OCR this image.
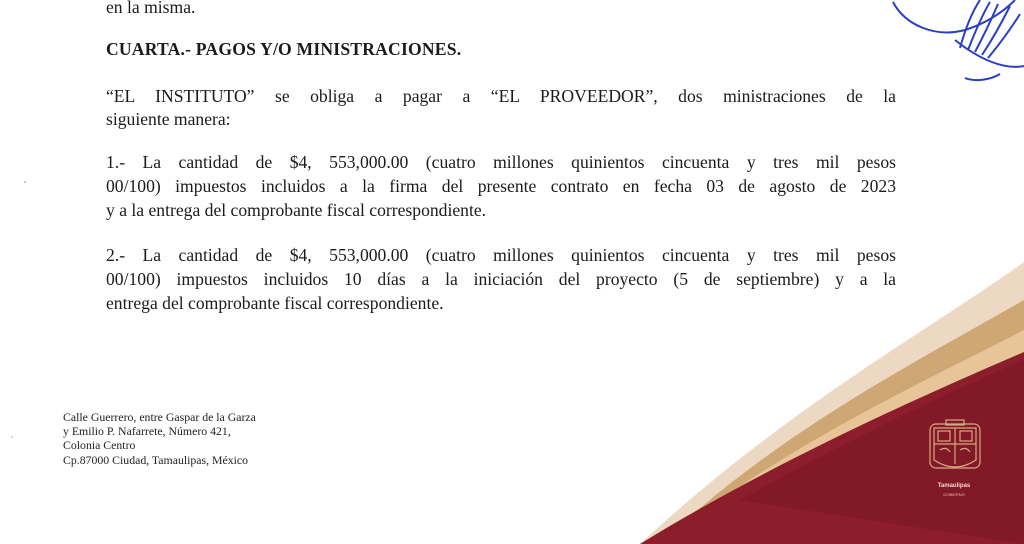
en la misma.
CUARTA.- PAGOS Y/O MINISTRACIONES.
“EL INSTITUTO” se obliga a pagar a “EL PROVEEDOR”, dos ministraciones de la
siguiente manera:
1.- La cantidad de $4, 553,000.00 (cuatro millones quinientos cincuenta y tres mil pesos
00/100) impuestos incluidos a la firma del presente contrato en fecha 03 de agosto de 2023
y a la entrega del comprobante fiscal correspondiente.
2.- La cantidad de $4, 553,000.00 (cuatro millones quinientos cincuenta y tres mil pesos
00/100) impuestos incluidos 10 días a la iniciación del proyecto (5 de septiembre) y a la
entrega del comprobante fiscal correspondiente.
Calle Guerrero, entre Gaspar de la Garza
y Emilio P. Nafarrete, Número 421,
Colonia Centro
Cp.87000 Ciudad, Tamaulipas, México
Tamaulipas
GOBIERNO
